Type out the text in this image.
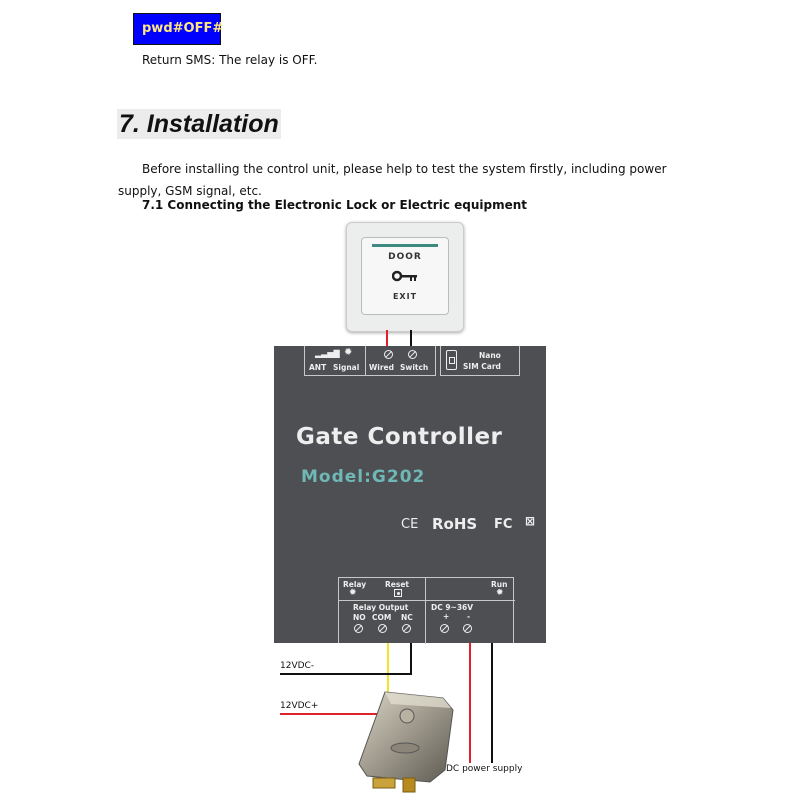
pwd#OFF#
Return SMS: The relay is OFF.
7. Installation
Before installing the control unit, please help to test the system firstly, including power supply, GSM signal, etc.
7.1 Connecting the Electronic Lock or Electric equipment
DOOR
EXIT
▂▃▅▇ ✹
ANT Signal Wired Switch
Nano
SIM Card
Gate Controller
Model:G202
CE RoHS FC ⊠
Relay
✹
Reset	Run
✹
Relay Output
NO COM NC
DC 9~36V
+ -
12VDC-
12VDC+
DC power supply
